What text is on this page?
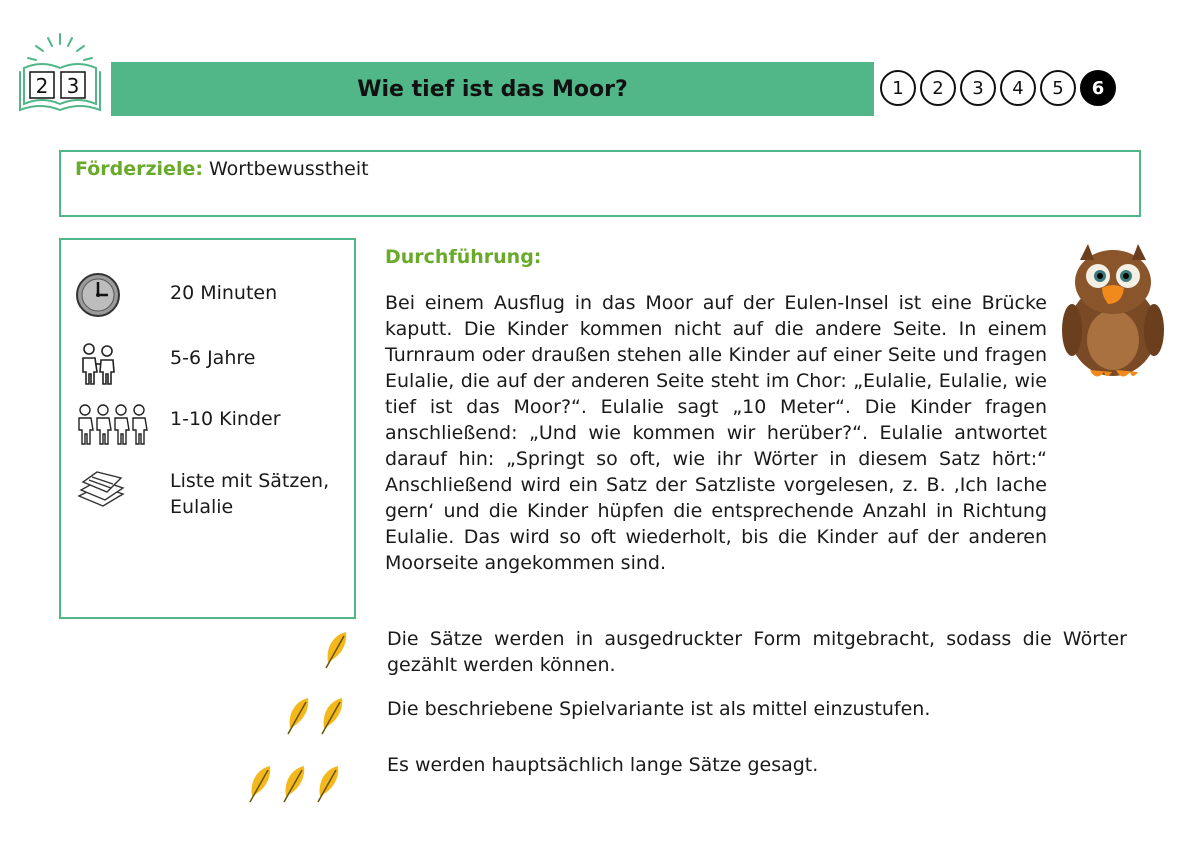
2 3	Wie tief ist das Moor?	1	2	3	4	5	6
Förderziele: Wortbewusstheit
20 Minuten
5-6 Jahre
1-10 Kinder
Liste mit Sätzen,
Eulalie
Durchführung:
Bei einem Ausflug in das Moor auf der Eulen-Insel ist eine Brücke kaputt. Die Kinder kommen nicht auf die andere Seite. In einem Turnraum oder draußen stehen alle Kinder auf einer Seite und fragen Eulalie, die auf der anderen Seite steht im Chor: „Eulalie, Eulalie, wie tief ist das Moor?“. Eulalie sagt „10 Meter“. Die Kinder fragen anschließend: „Und wie kommen wir herüber?“. Eulalie antwortet darauf hin: „Springt so oft, wie ihr Wörter in diesem Satz hört:“ Anschließend wird ein Satz der Satzliste vorgelesen, z. B. ‚Ich lache gern‘ und die Kinder hüpfen die entsprechende Anzahl in Richtung Eulalie. Das wird so oft wiederholt, bis die Kinder auf der anderen Moorseite angekommen sind.
Die Sätze werden in ausgedruckter Form mitgebracht, sodass die Wörter gezählt werden können.
Die beschriebene Spielvariante ist als mittel einzustufen.
Es werden hauptsächlich lange Sätze gesagt.
